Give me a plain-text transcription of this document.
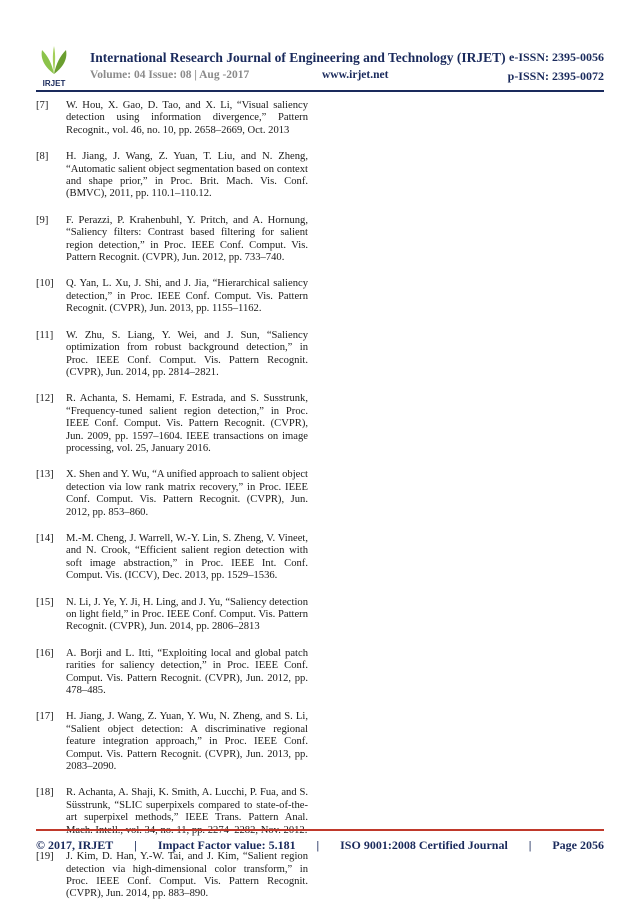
IRJET
International Research Journal of Engineering and Technology (IRJET) e-ISSN: 2395-0056
Volume: 04 Issue: 08 | Aug -2017	www.irjet.net	p-ISSN: 2395-0072
[7]	W. Hou, X. Gao, D. Tao, and X. Li, “Visual saliency detection using information divergence,” Pattern Recognit., vol. 46, no. 10, pp. 2658–2669, Oct. 2013
[8]	H. Jiang, J. Wang, Z. Yuan, T. Liu, and N. Zheng, “Automatic salient object segmentation based on context and shape prior,” in Proc. Brit. Mach. Vis. Conf. (BMVC), 2011, pp. 110.1–110.12.
[9]	F. Perazzi, P. Krahenbuhl, Y. Pritch, and A. Hornung, “Saliency filters: Contrast based filtering for salient region detection,” in Proc. IEEE Conf. Comput. Vis. Pattern Recognit. (CVPR), Jun. 2012, pp. 733–740.
[10]	Q. Yan, L. Xu, J. Shi, and J. Jia, “Hierarchical saliency detection,” in Proc. IEEE Conf. Comput. Vis. Pattern Recognit. (CVPR), Jun. 2013, pp. 1155–1162.
[11]	W. Zhu, S. Liang, Y. Wei, and J. Sun, “Saliency optimization from robust background detection,” in Proc. IEEE Conf. Comput. Vis. Pattern Recognit. (CVPR), Jun. 2014, pp. 2814–2821.
[12]	R. Achanta, S. Hemami, F. Estrada, and S. Susstrunk, “Frequency-tuned salient region detection,” in Proc. IEEE Conf. Comput. Vis. Pattern Recognit. (CVPR), Jun. 2009, pp. 1597–1604. IEEE transactions on image processing, vol. 25, January 2016.
[13]	X. Shen and Y. Wu, “A unified approach to salient object detection via low rank matrix recovery,” in Proc. IEEE Conf. Comput. Vis. Pattern Recognit. (CVPR), Jun. 2012, pp. 853–860.
[14]	M.-M. Cheng, J. Warrell, W.-Y. Lin, S. Zheng, V. Vineet, and N. Crook, “Efficient salient region detection with soft image abstraction,” in Proc. IEEE Int. Conf. Comput. Vis. (ICCV), Dec. 2013, pp. 1529–1536.
[15]	N. Li, J. Ye, Y. Ji, H. Ling, and J. Yu, “Saliency detection on light field,” in Proc. IEEE Conf. Comput. Vis. Pattern Recognit. (CVPR), Jun. 2014, pp. 2806–2813
[16]	A. Borji and L. Itti, “Exploiting local and global patch rarities for saliency detection,” in Proc. IEEE Conf. Comput. Vis. Pattern Recognit. (CVPR), Jun. 2012, pp. 478–485.
[17]	H. Jiang, J. Wang, Z. Yuan, Y. Wu, N. Zheng, and S. Li, “Salient object detection: A discriminative regional feature integration approach,” in Proc. IEEE Conf. Comput. Vis. Pattern Recognit. (CVPR), Jun. 2013, pp. 2083–2090.
[18]	R. Achanta, A. Shaji, K. Smith, A. Lucchi, P. Fua, and S. Süsstrunk, “SLIC superpixels compared to state-of-the-art superpixel methods,” IEEE Trans. Pattern Anal.
[19]	J. Kim, D. Han, Y.-W. Tai, and J. Kim, “Salient region detection via high-dimensional color transform,” in Proc. IEEE Conf. Comput. Vis. Pattern Recognit. (CVPR), Jun. 2014, pp. 883–890.
© 2017, IRJET | Impact Factor value: 5.181 | ISO 9001:2008 Certified Journal | Page 2056
